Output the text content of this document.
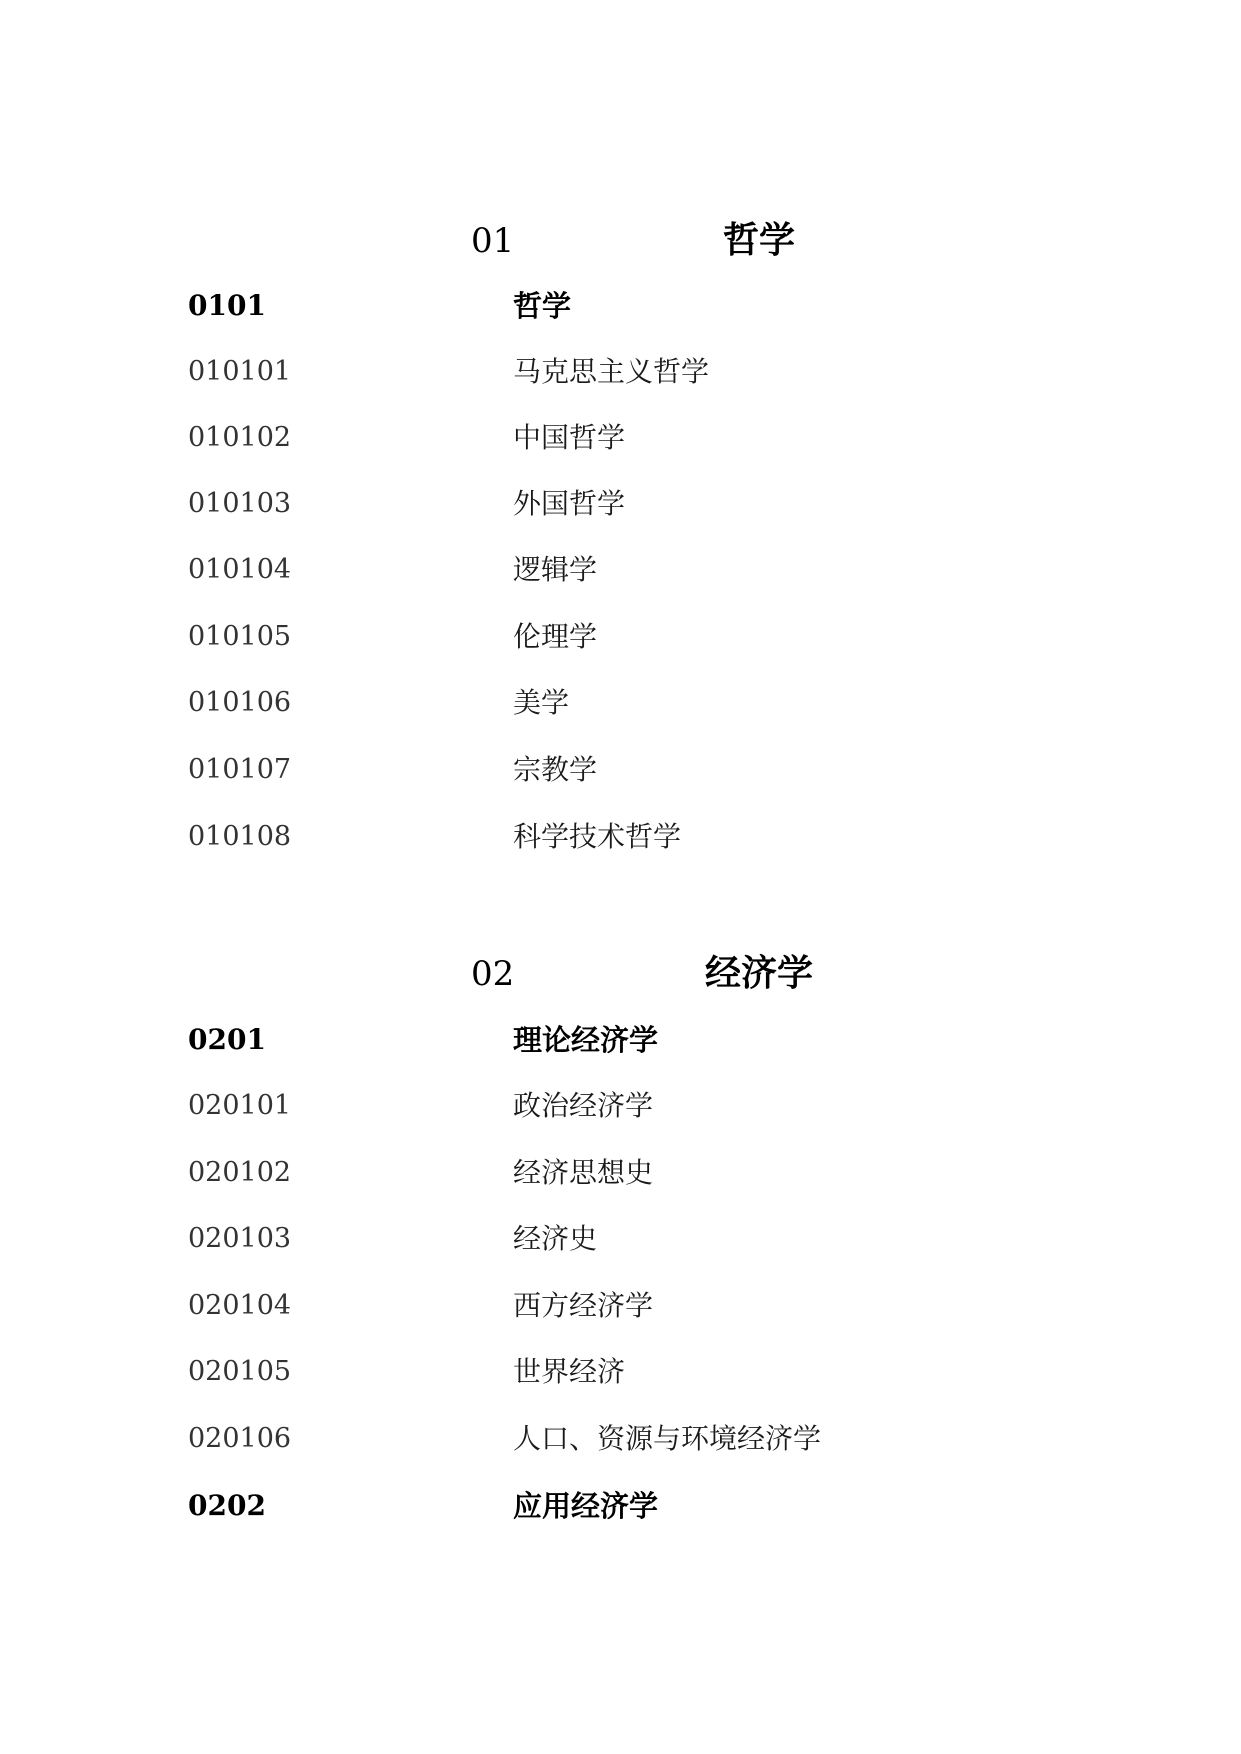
01	哲学
0101	哲学
010101	马克思主义哲学
010102	中国哲学
010103	外国哲学
010104	逻辑学
010105	伦理学
010106	美学
010107	宗教学
010108	科学技术哲学
02	经济学
0201	理论经济学
020101	政治经济学
020102	经济思想史
020103	经济史
020104	西方经济学
020105	世界经济
020106	人口、资源与环境经济学
0202	应用经济学
